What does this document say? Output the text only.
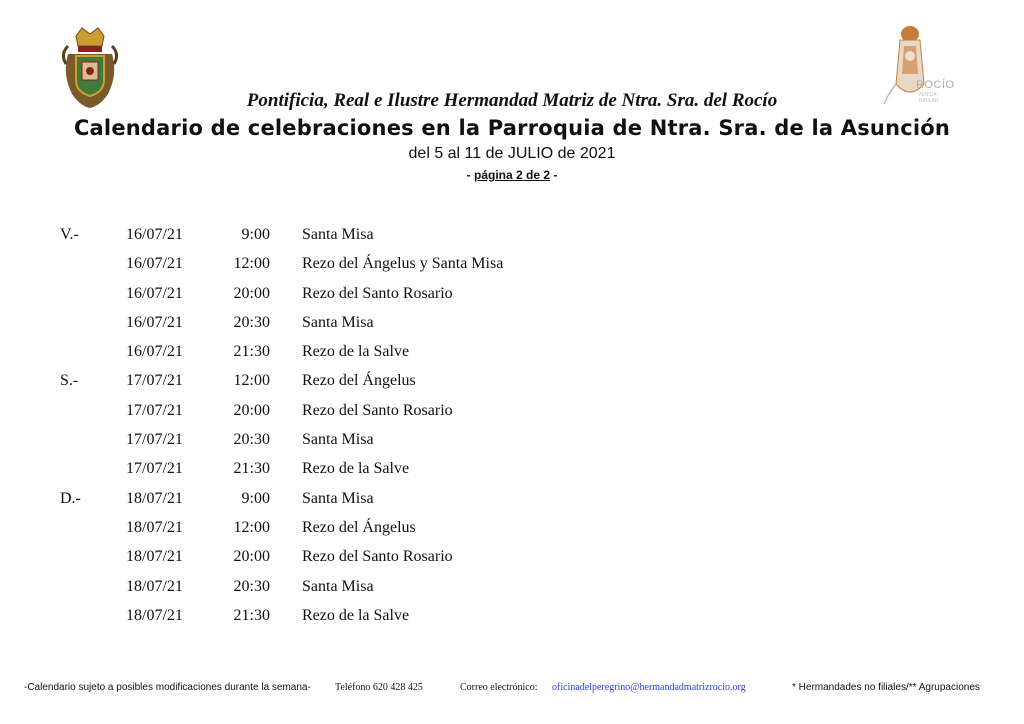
ROCÍO
VENIDA JUBILAR
Pontificia, Real e Ilustre Hermandad Matriz de Ntra. Sra. del Rocío
Calendario de celebraciones en la Parroquia de Ntra. Sra. de la Asunción
del 5 al 11 de JULIO de 2021
- página 2 de 2 -
V.-	16/07/21	9:00 Santa Misa
16/07/21	12:00 Rezo del Ángelus y Santa Misa
16/07/21	20:00 Rezo del Santo Rosario
16/07/21	20:30 Santa Misa
16/07/21	21:30 Rezo de la Salve
S.-	17/07/21	12:00 Rezo del Ángelus
17/07/21	20:00 Rezo del Santo Rosario
17/07/21	20:30 Santa Misa
17/07/21	21:30 Rezo de la Salve
D.-	18/07/21	9:00 Santa Misa
18/07/21	12:00 Rezo del Ángelus
18/07/21	20:00 Rezo del Santo Rosario
18/07/21	20:30 Santa Misa
18/07/21	21:30 Rezo de la Salve
-Calendario sujeto a posibles modificaciones durante la semana- Teléfono 620 428 425	Correo electrónico: oficinadelperegrino@hermandadmatrizrocio.org	* Hermandades no filiales/** Agrupaciones
